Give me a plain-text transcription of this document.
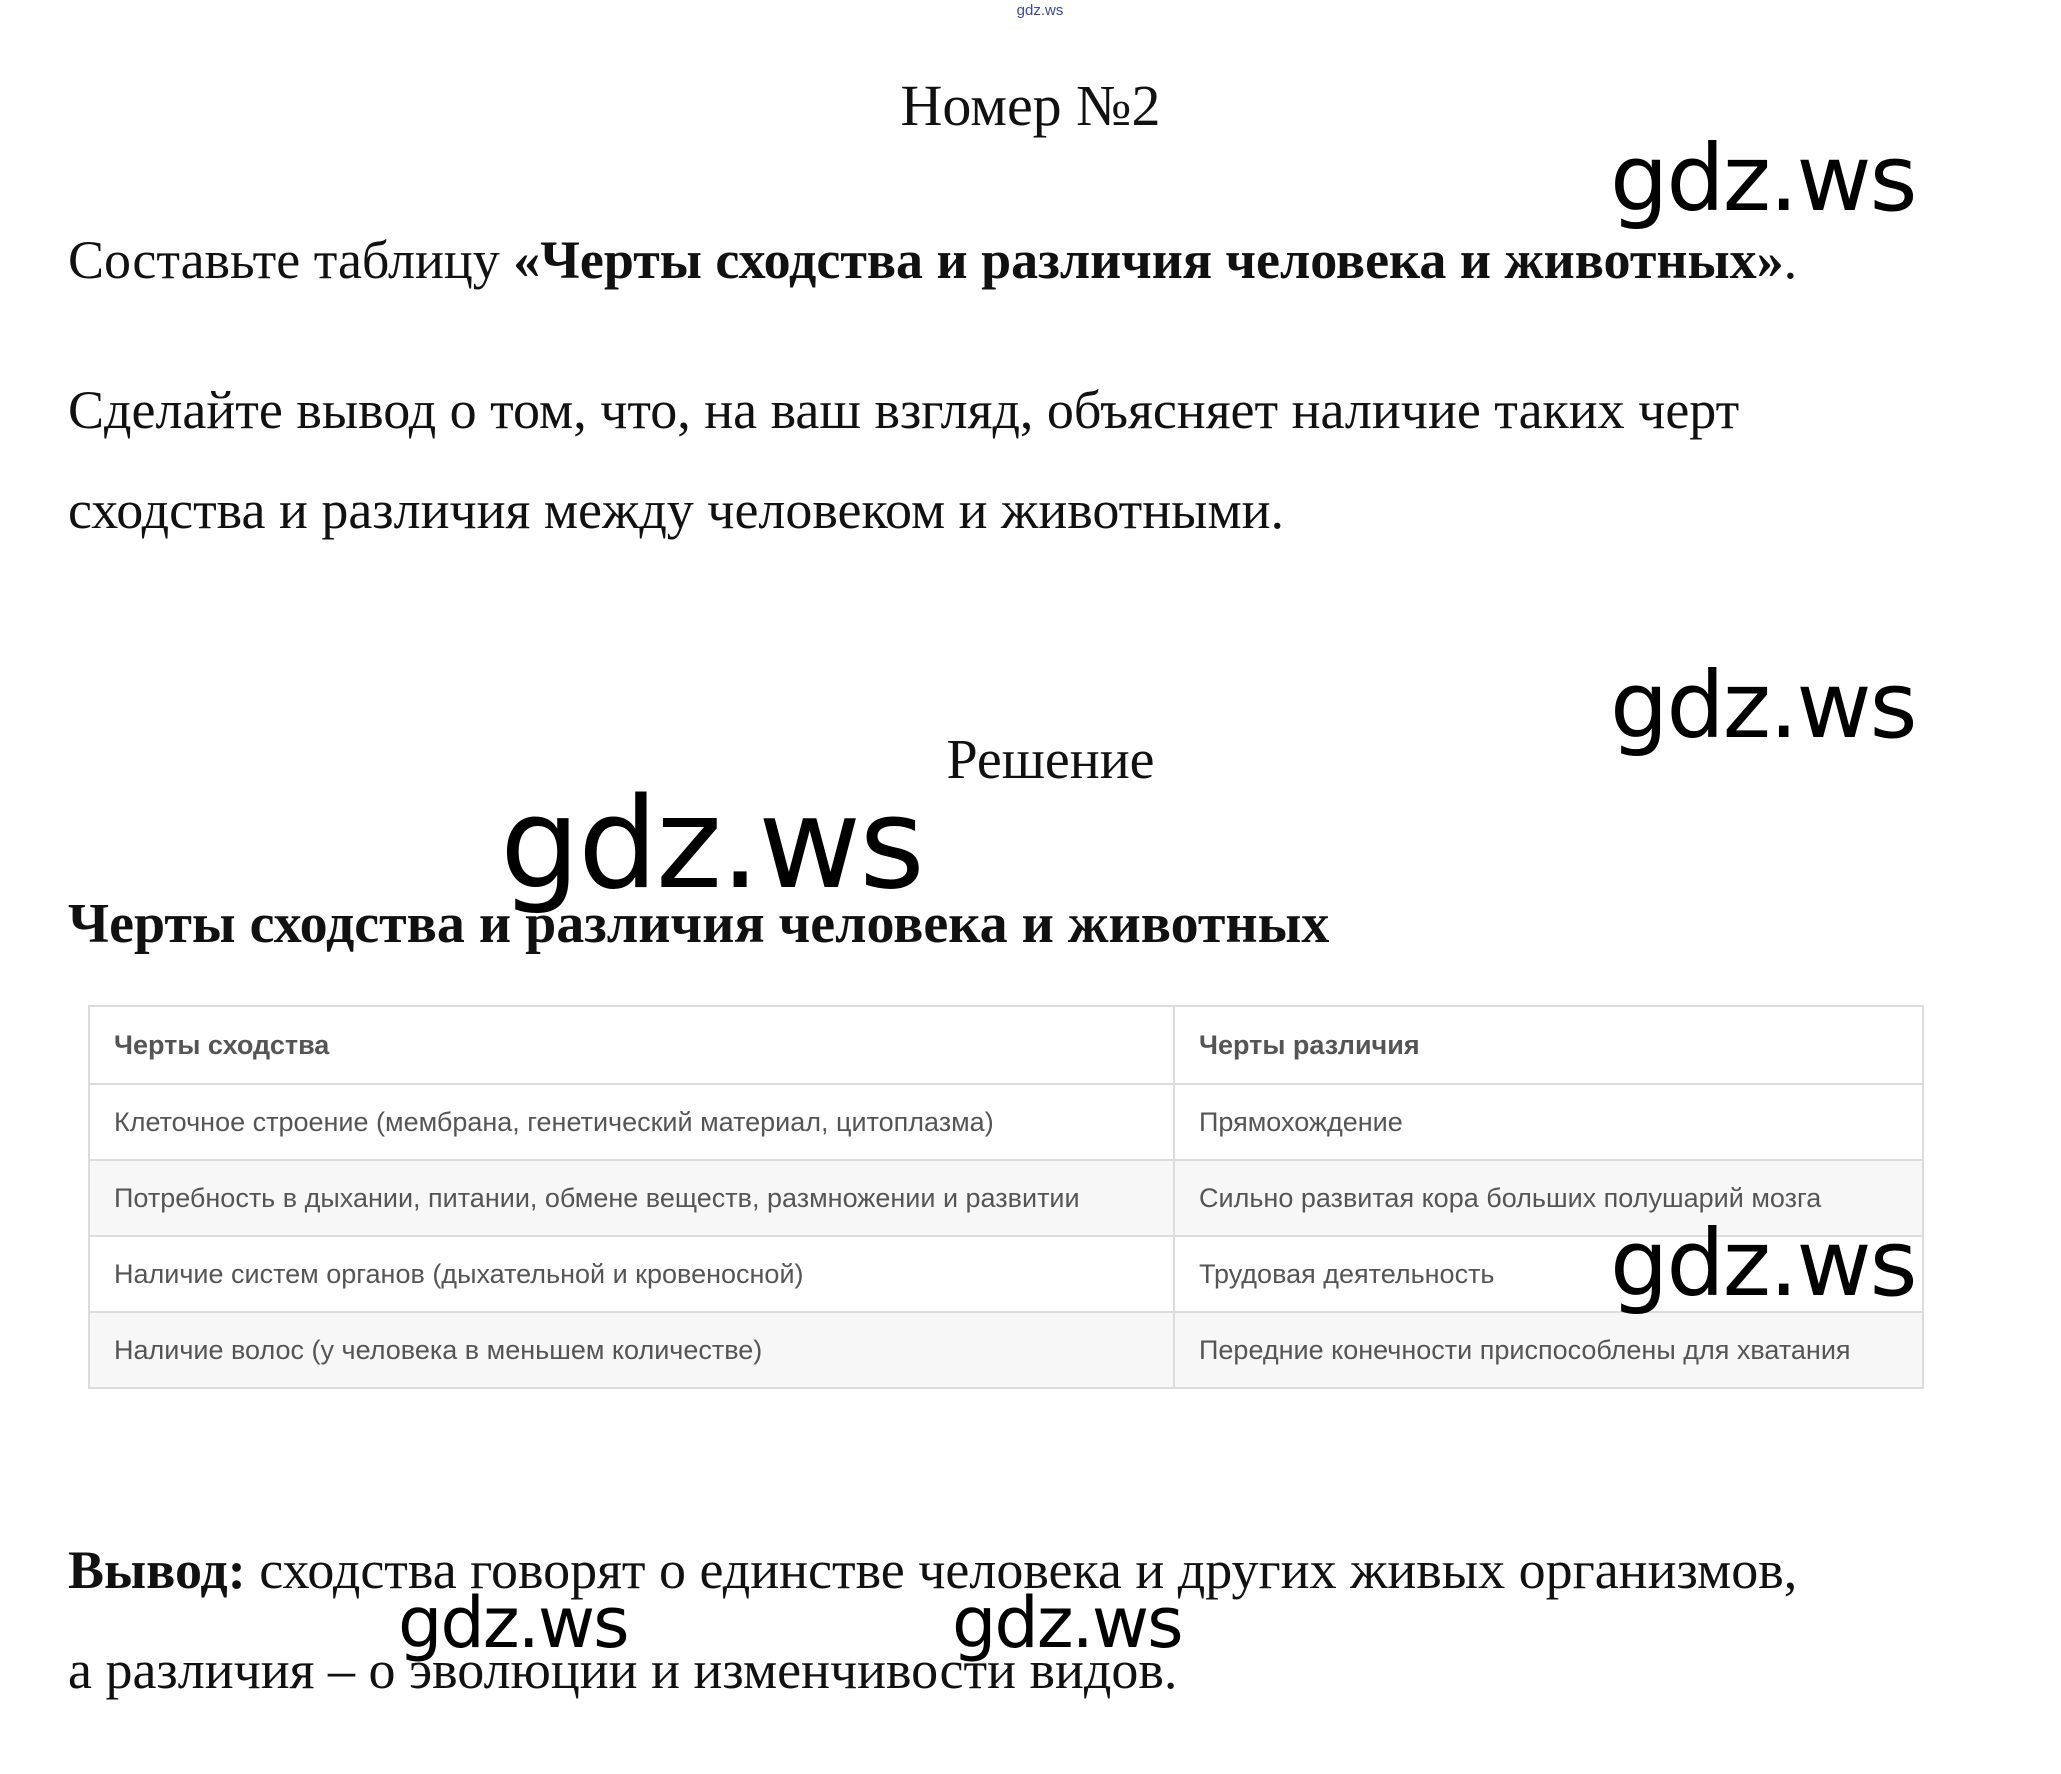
gdz.ws
Номер №2
Составьте таблицу «Черты сходства и различия человека и животных».
Сделайте вывод о том, что, на ваш взгляд, объясняет наличие таких черт
сходства и различия между человеком и животными.
Решение
Черты сходства и различия человека и животных
Черты сходства	Черты различия
Клеточное строение (мембрана, генетический материал, цитоплазма)	Прямохождение
Потребность в дыхании, питании, обмене веществ, размножении и развитии	Сильно развитая кора больших полушарий мозга
Наличие систем органов (дыхательной и кровеносной)	Трудовая деятельность
Наличие волос (у человека в меньшем количестве)	Передние конечности приспособлены для хватания
Вывод: сходства говорят о единстве человека и других живых организмов,
а различия – о эволюции и изменчивости видов.
gdz.ws
gdz.ws
gdz.ws
gdz.ws
gdz.ws	gdz.ws
